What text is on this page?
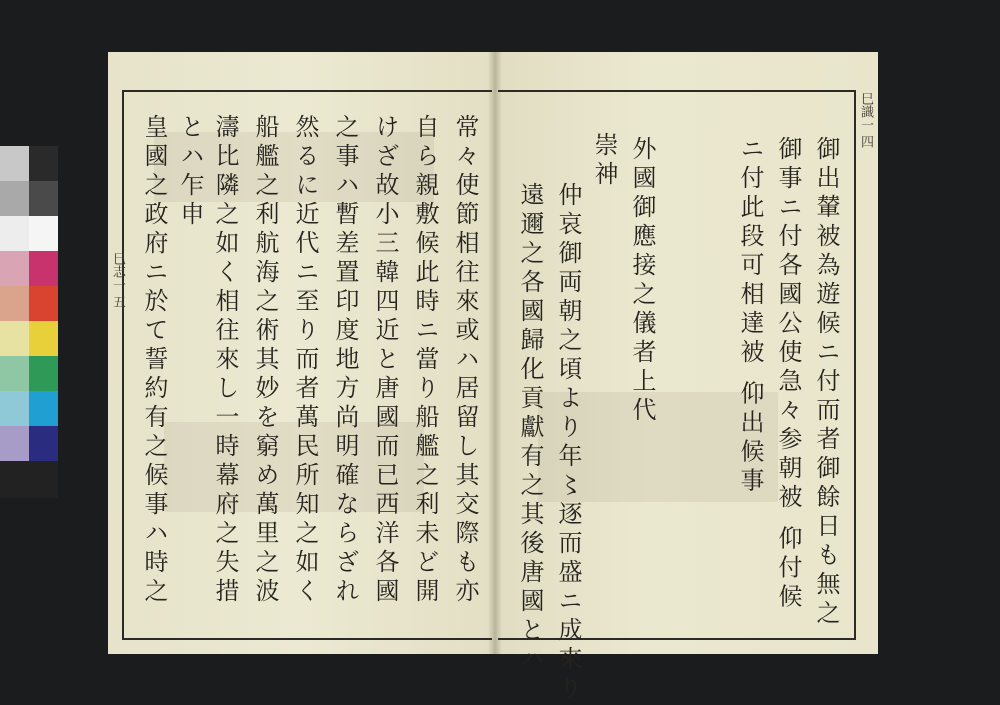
常々使節相往來或ハ居留し其交際も亦
自ら親敷候此時ニ當り船艦之利未ど開
けざ故小三韓四近と唐國而已西洋各國
之事ハ暫差置印度地方尚明確ならざれ
然るに近代ニ至り而者萬民所知之如く
船艦之利航海之術其妙を窮め萬里之波
濤比隣之如く相往來し一時幕府之失措
とハ乍申
皇國之政府ニ於て誓約有之候事ハ時之
巳志一 五	御出輦被為遊候ニ付而者御餘日も無之
御事ニ付各國公使急々参朝被 仰付候
ニ付此段可相達被 仰出候事
外國御應接之儀者上代
崇神
仲哀御両朝之頃より年〻逐而盛ニ成來り
遠邇之各國歸化貢獻有之其後唐國とハ
巳識一 四
